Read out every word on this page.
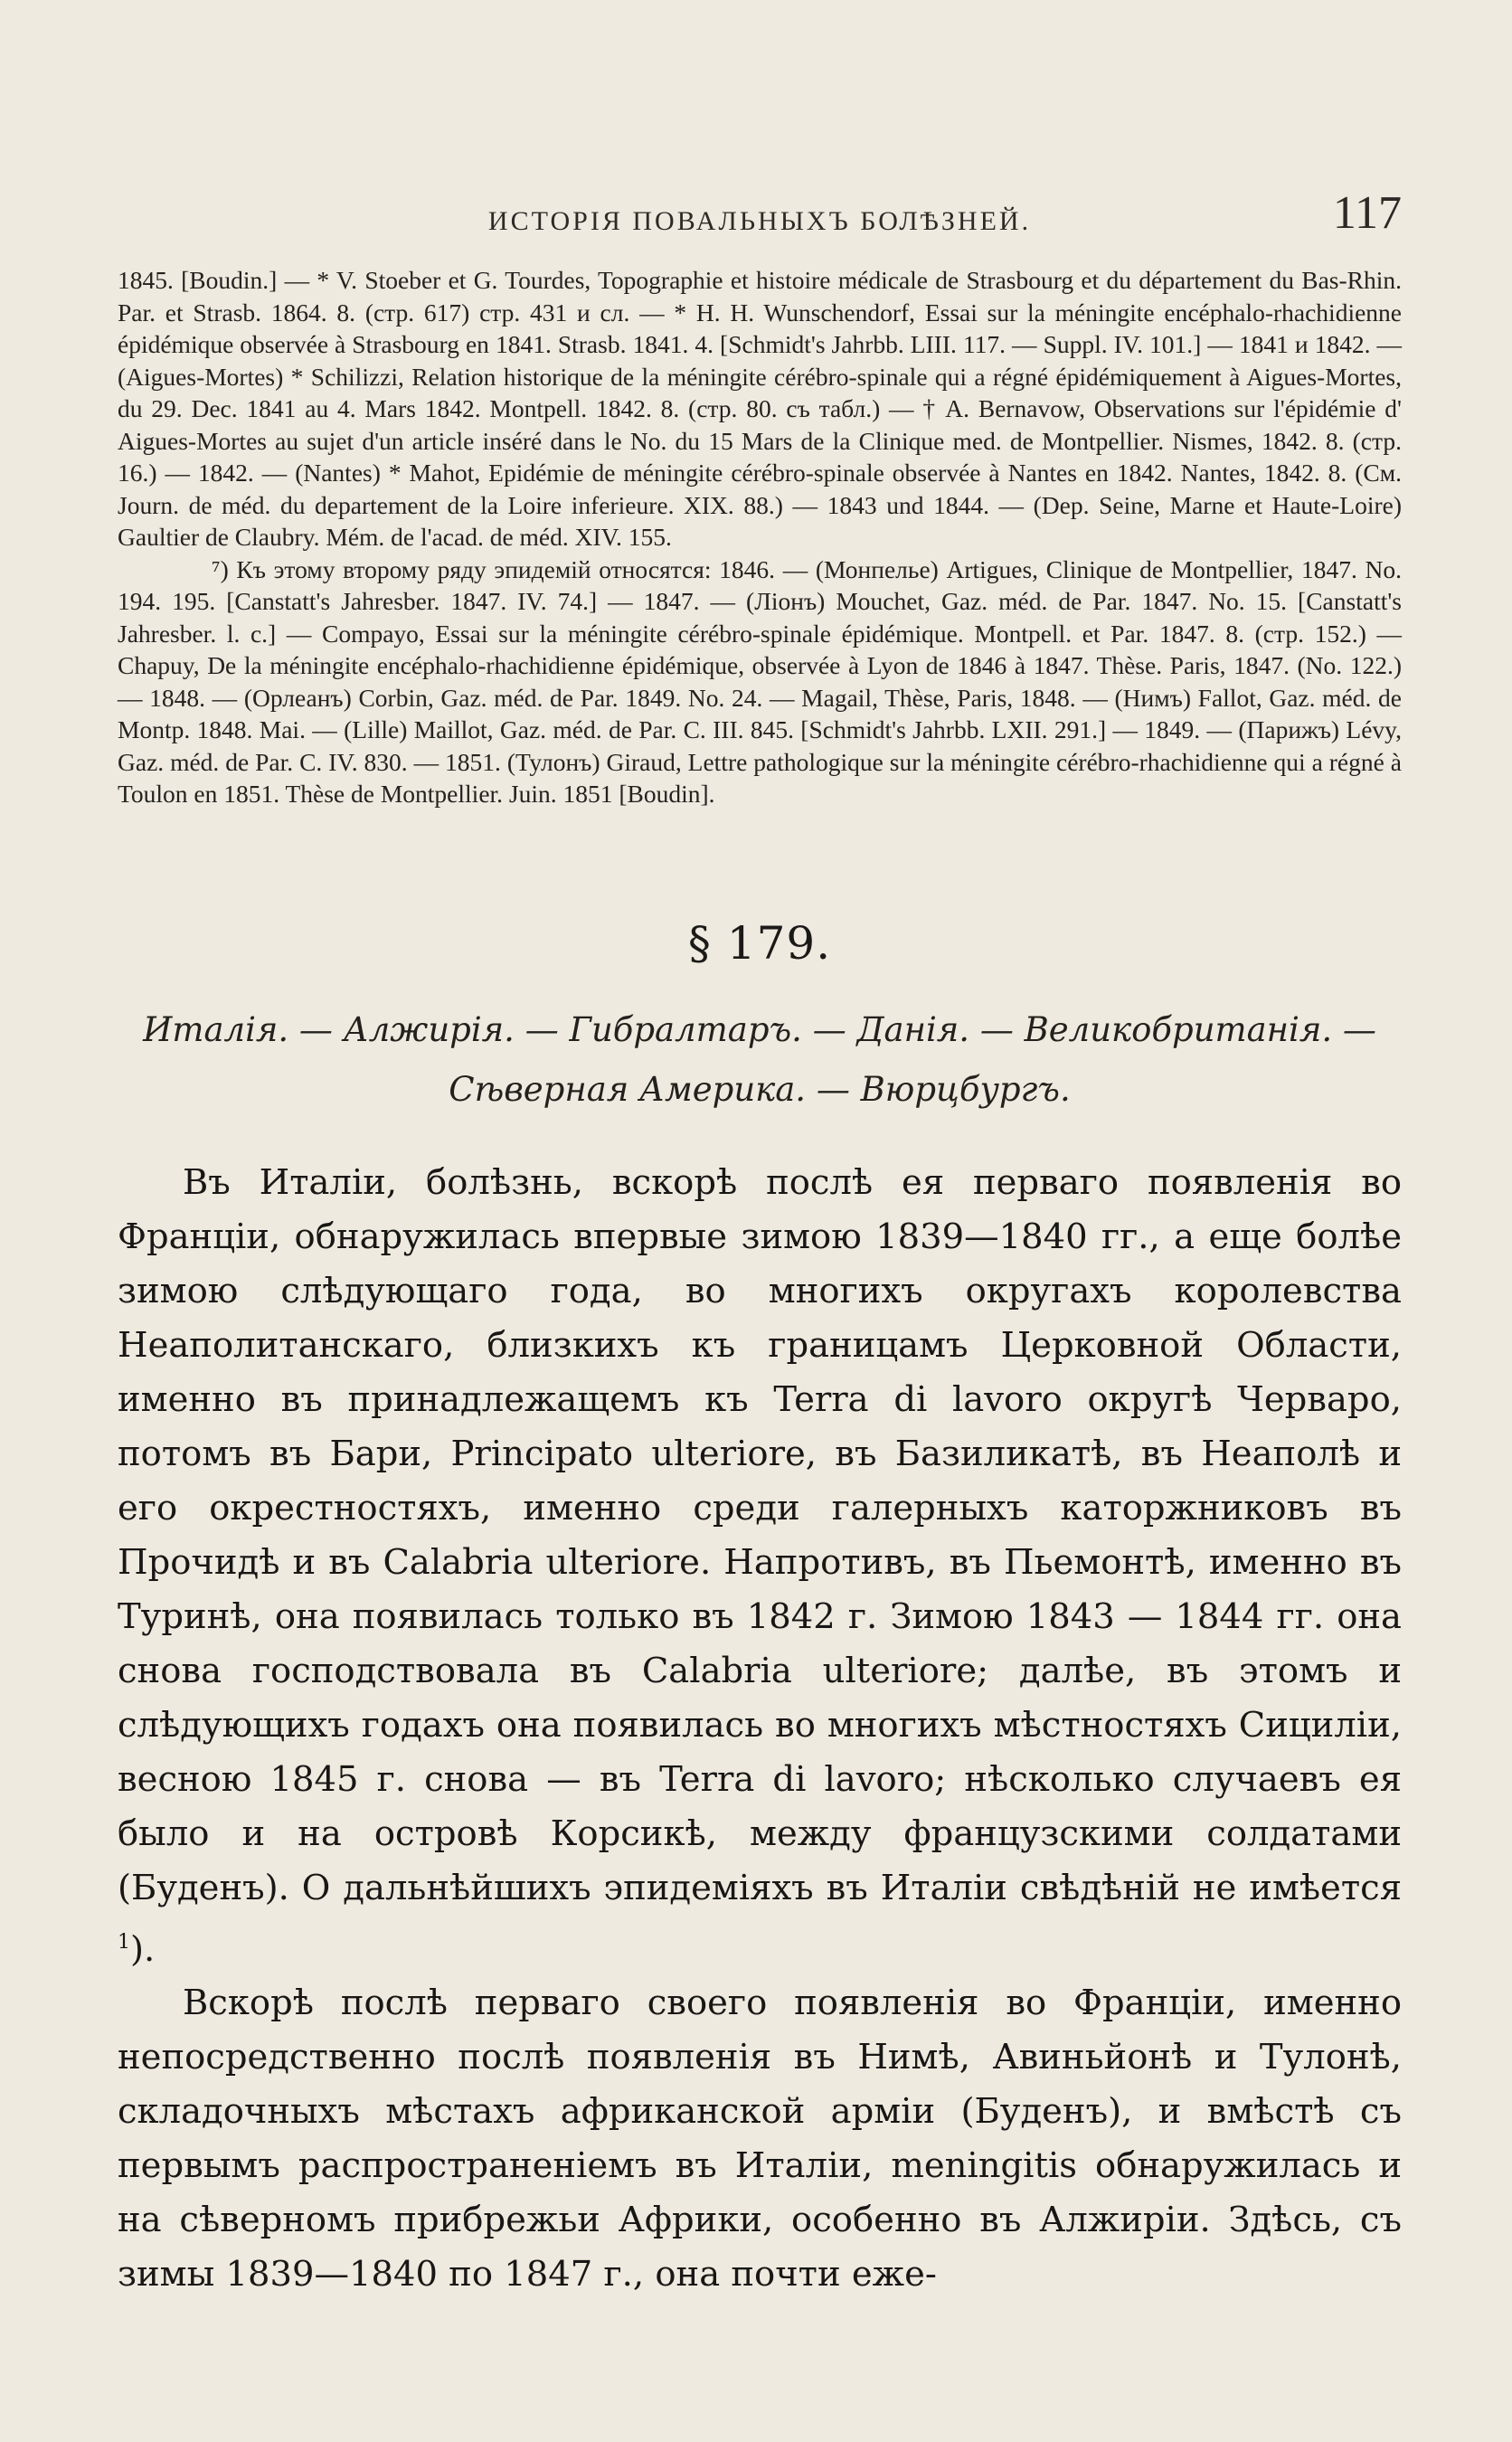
ИСТОРІЯ ПОВАЛЬНЫХЪ БОЛѢЗНЕЙ.	117

1845. [Boudin.] — * V. Stoeber et G. Tourdes, Topographie et histoire médicale de Strasbourg et du département du Bas-Rhin. Par. et Strasb. 1864. 8. (стр. 617) стр. 431 и сл. — * H. H. Wunschendorf, Essai sur la méningite encéphalo-rhachidienne épidémique observée à Strasbourg en 1841. Strasb. 1841. 4. [Schmidt's Jahrbb. LIII. 117. — Suppl. IV. 101.] — 1841 и 1842. — (Aigues-Mortes) * Schilizzi, Relation historique de la méningite cérébro-spinale qui a régné épidémiquement à Aigues-Mortes, du 29. Dec. 1841 au 4. Mars 1842. Montpell. 1842. 8. (стр. 80. съ табл.) — † A. Bernavow, Observations sur l'épidémie d' Aigues-Mortes au sujet d'un article inséré dans le No. du 15 Mars de la Clinique med. de Montpellier. Nismes, 1842. 8. (стр. 16.) — 1842. — (Nantes) * Mahot, Epidémie de méningite cérébro-spinale observée à Nantes en 1842. Nantes, 1842. 8. (См. Journ. de méd. du departement de la Loire inferieure. XIX. 88.) — 1843 und 1844. — (Dep. Seine, Marne et Haute-Loire) Gaultier de Claubry. Mém. de l'acad. de méd. XIV. 155.

⁷) Къ этому второму ряду эпидемій относятся: 1846. — (Монпелье) Artigues, Clinique de Montpellier, 1847. No. 194. 195. [Canstatt's Jahresber. 1847. IV. 74.] — 1847. — (Ліонъ) Mouchet, Gaz. méd. de Par. 1847. No. 15. [Canstatt's Jahresber. l. c.] — Compayo, Essai sur la méningite cérébro-spinale épidémique. Montpell. et Par. 1847. 8. (стр. 152.) — Chapuy, De la méningite encéphalo-rhachidienne épidémique, observée à Lyon de 1846 à 1847. Thèse. Paris, 1847. (No. 122.) — 1848. — (Орлеанъ) Corbin, Gaz. méd. de Par. 1849. No. 24. — Magail, Thèse, Paris, 1848. — (Нимъ) Fallot, Gaz. méd. de Montp. 1848. Mai. — (Lille) Maillot, Gaz. méd. de Par. C. III. 845. [Schmidt's Jahrbb. LXII. 291.] — 1849. — (Парижъ) Lévy, Gaz. méd. de Par. C. IV. 830. — 1851. (Тулонъ) Giraud, Lettre pathologique sur la méningite cérébro-rhachidienne qui a régné à Toulon en 1851. Thèse de Montpellier. Juin. 1851 [Boudin].

§ 179.
Италія. — Алжирія. — Гибралтаръ. — Данія. — Великобританія. — Сѣверная Америка. — Вюрцбургъ.

Въ Италіи, болѣзнь, вскорѣ послѣ ея перваго появленія во Франціи, обнаружилась впервые зимою 1839—1840 гг., а еще болѣе зимою слѣдующаго года, во многихъ округахъ королевства Неаполитанскаго, близкихъ къ границамъ Церковной Области, именно въ принадлежащемъ къ Terra di lavoro округѣ Черваро, потомъ въ Бари, Principato ulteriore, въ Базиликатѣ, въ Неаполѣ и его окрестностяхъ, именно среди галерныхъ каторжниковъ въ Прочидѣ и въ Calabria ulteriore. Напротивъ, въ Пьемонтѣ, именно въ Туринѣ, она появилась только въ 1842 г. Зимою 1843 — 1844 гг. она снова господствовала въ Calabria ulteriore; далѣе, въ этомъ и слѣдующихъ годахъ она появилась во многихъ мѣстностяхъ Сициліи, весною 1845 г. снова — въ Terra di lavoro; нѣсколько случаевъ ея было и на островѣ Корсикѣ, между французскими солдатами (Буденъ). О дальнѣйшихъ эпидеміяхъ въ Италіи свѣдѣній не имѣется $^1$).

Вскорѣ послѣ перваго своего появленія во Франціи, именно непосредственно послѣ появленія въ Нимѣ, Авиньйонѣ и Тулонѣ, складочныхъ мѣстахъ африканской арміи (Буденъ), и вмѣстѣ съ первымъ распространеніемъ въ Италіи, meningitis обнаружилась и на сѣверномъ прибрежьи Африки, особенно въ Алжиріи. Здѣсь, съ зимы 1839—1840 по 1847 г., она почти еже-
